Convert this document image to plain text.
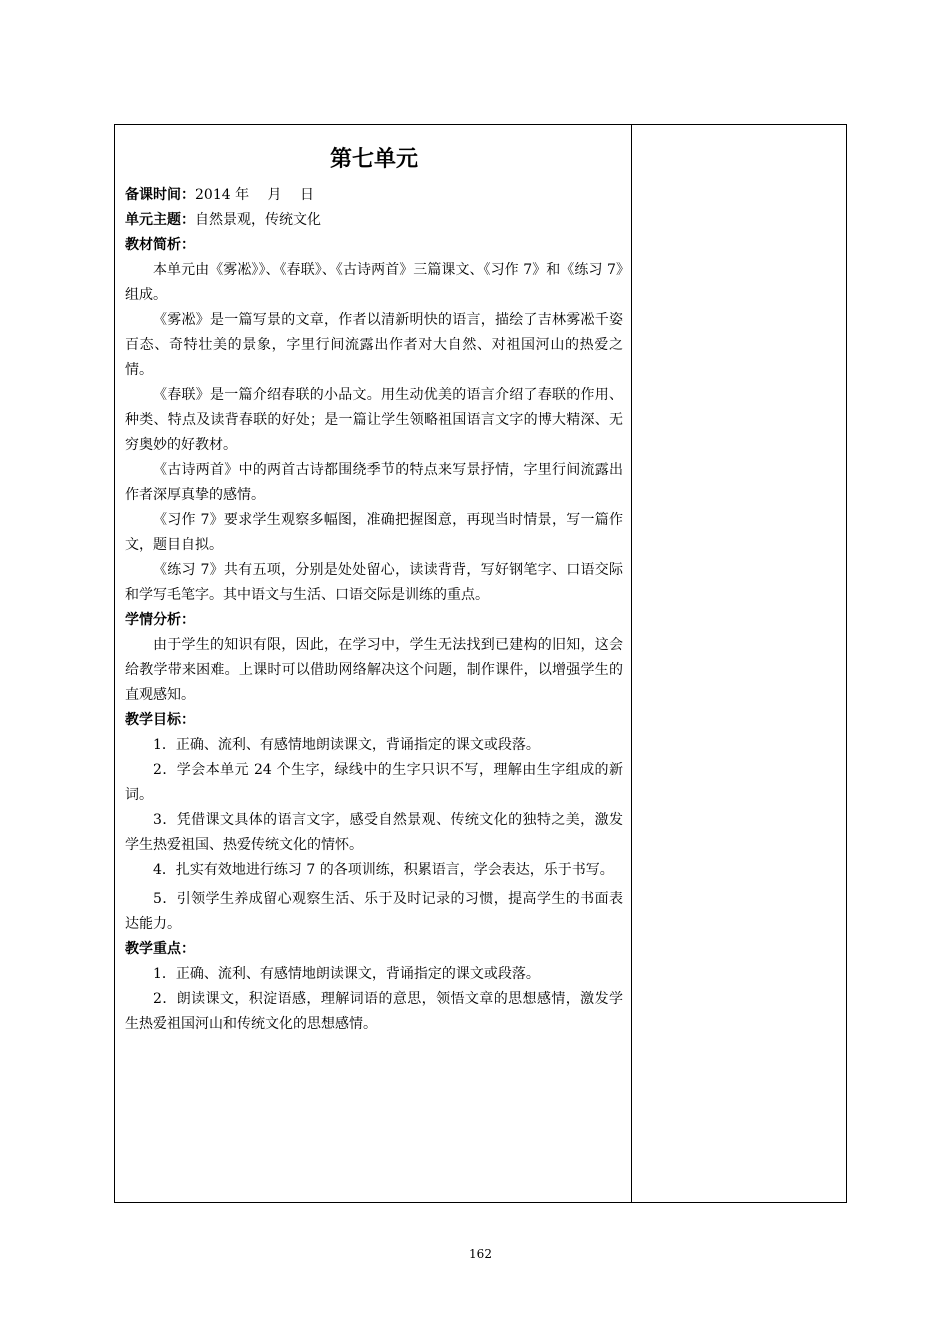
第七单元
备课时间：2014 年　 月　 日
单元主题：自然景观，传统文化
教材简析：

本单元由《雾凇》》、《春联》、《古诗两首》三篇课文、《习作 7》和《练习 7》组成。

《雾凇》是一篇写景的文章，作者以清新明快的语言，描绘了吉林雾凇千姿百态、奇特壮美的景象，字里行间流露出作者对大自然、对祖国河山的热爱之情。

《春联》是一篇介绍春联的小品文。用生动优美的语言介绍了春联的作用、种类、特点及读背春联的好处；是一篇让学生领略祖国语言文字的博大精深、无穷奥妙的好教材。

《古诗两首》中的两首古诗都围绕季节的特点来写景抒情，字里行间流露出作者深厚真挚的感情。

《习作 7》要求学生观察多幅图，准确把握图意，再现当时情景，写一篇作文，题目自拟。

《练习 7》共有五项，分别是处处留心，读读背背，写好钢笔字、口语交际和学写毛笔字。其中语文与生活、口语交际是训练的重点。

学情分析：

由于学生的知识有限，因此，在学习中，学生无法找到已建构的旧知，这会给教学带来困难。上课时可以借助网络解决这个问题，制作课件，以增强学生的直观感知。

教学目标：

1．正确、流利、有感情地朗读课文，背诵指定的课文或段落。

2．学会本单元 24 个生字，绿线中的生字只识不写，理解由生字组成的新词。

3．凭借课文具体的语言文字，感受自然景观、传统文化的独特之美，激发学生热爱祖国、热爱传统文化的情怀。

4．扎实有效地进行练习 7 的各项训练，积累语言，学会表达，乐于书写。

5．引领学生养成留心观察生活、乐于及时记录的习惯，提高学生的书面表达能力。

教学重点：

1．正确、流利、有感情地朗读课文，背诵指定的课文或段落。

2．朗读课文，积淀语感，理解词语的意思，领悟文章的思想感情，激发学生热爱祖国河山和传统文化的思想感情。

162
